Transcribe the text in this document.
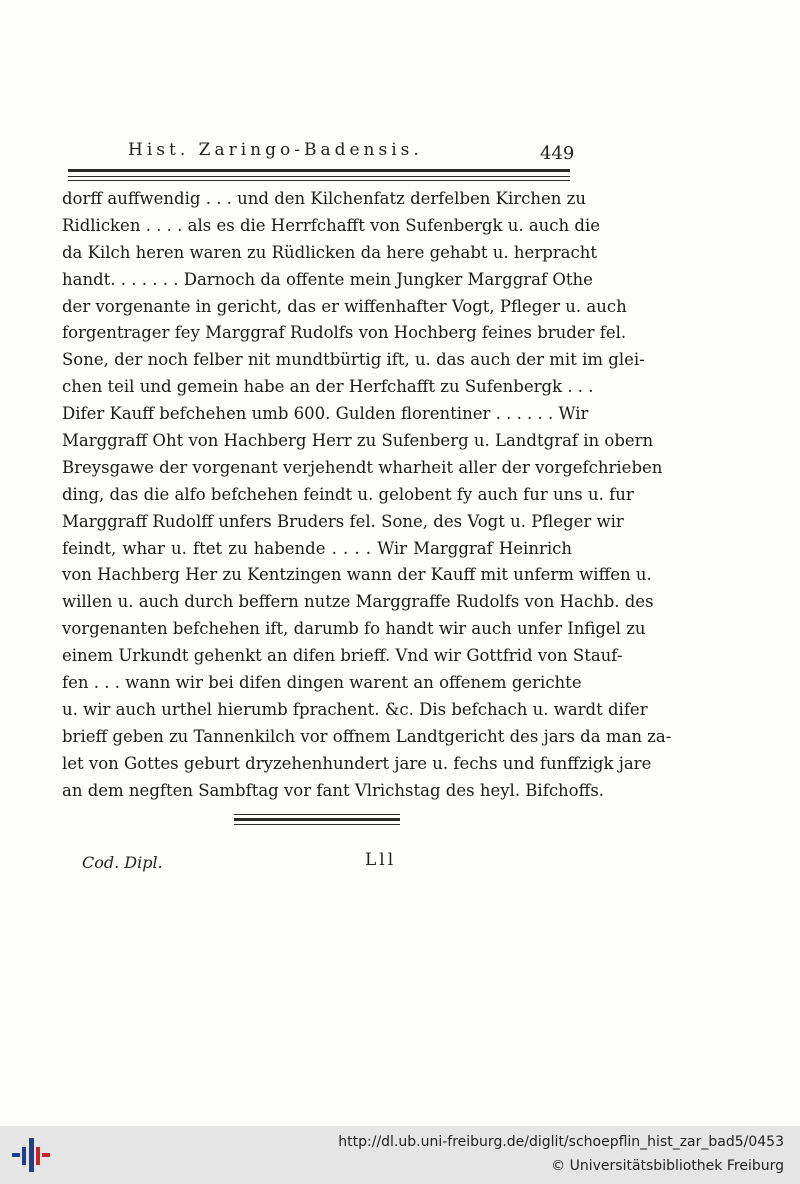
Hist. Zaringo-Badensis.	449
dorff auffwendig . . . und den Kilchenfatz derfelben Kirchen zu
Ridlicken . . . . als es die Herrfchafft von Sufenbergk u. auch die
da Kilch heren waren zu Rüdlicken da here gehabt u. herpracht
handt. . . . . . . Darnoch da offente mein Jungker Marggraf Othe
der vorgenante in gericht, das er wiffenhafter Vogt, Pfleger u. auch
forgentrager fey Marggraf Rudolfs von Hochberg feines bruder fel.
Sone, der noch felber nit mundtbürtig ift, u. das auch der mit im glei-
chen teil und gemein habe an der Herfchafft zu Sufenbergk . . .
Difer Kauff befchehen umb 600. Gulden florentiner . . . . . . Wir
Marggraff Oht von Hachberg Herr zu Sufenberg u. Landtgraf in obern
Breysgawe der vorgenant verjehendt wharheit aller der vorgefchrieben
ding, das die alfo befchehen feindt u. gelobent fy auch fur uns u. fur
Marggraff Rudolff unfers Bruders fel. Sone, des Vogt u. Pfleger wir
feindt, whar u. ftet zu habende . . . . Wir Marggraf Heinrich
von Hachberg Her zu Kentzingen wann der Kauff mit unferm wiffen u.
willen u. auch durch beffern nutze Marggraffe Rudolfs von Hachb. des
vorgenanten befchehen ift, darumb fo handt wir auch unfer Infigel zu
einem Urkundt gehenkt an difen brieff. Vnd wir Gottfrid von Stauf-
fen . . . wann wir bei difen dingen warent an offenem gerichte
u. wir auch urthel hierumb fprachent. &c. Dis befchach u. wardt difer
brieff geben zu Tannenkilch vor offnem Landtgericht des jars da man za-
let von Gottes geburt dryzehenhundert jare u. fechs und funffzigk jare
an dem negften Sambftag vor fant Vlrichstag des heyl. Bifchoffs.
Cod. Dipl.	Lll
http://dl.ub.uni-freiburg.de/diglit/schoepflin_hist_zar_bad5/0453
© Universitätsbibliothek Freiburg
